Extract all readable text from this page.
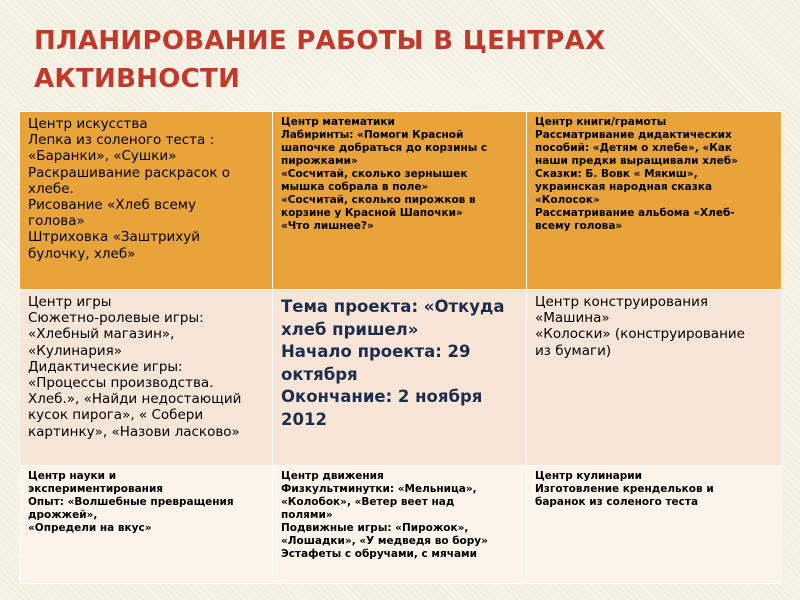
ПЛАНИРОВАНИЕ РАБОТЫ В ЦЕНТРАХ
АКТИВНОСТИ
Центр искусства
Лепка из соленого теста :
«Баранки», «Сушки»
Раскрашивание раскрасок о
хлебе.
Рисование «Хлеб всему
голова»
Штриховка «Заштрихуй
булочку, хлеб»
Центр математики
Лабиринты: «Помоги Красной
шапочке добраться до корзины с
пирожками»
«Сосчитай, сколько зернышек
мышка собрала в поле»
«Сосчитай, сколько пирожков в
корзине у Красной Шапочки»
«Что лишнее?»
Центр книги/грамоты
Рассматривание дидактических
пособий: «Детям о хлебе», «Как
наши предки выращивали хлеб»
Сказки: Б. Вовк « Мякиш»,
украинская народная сказка
«Колосок»
Рассматривание альбома «Хлеб-
всему голова»
Центр игры
Сюжетно-ролевые игры:
«Хлебный магазин»,
«Кулинария»
Дидактические игры:
«Процессы производства.
Хлеб.», «Найди недостающий
кусок пирога», « Собери
картинку», «Назови ласково»
Тема проекта: «Откуда
хлеб пришел»
Начало проекта: 29
октября
Окончание: 2 ноября
2012
Центр конструирования
«Машина»
«Колоски» (конструирование
из бумаги)
Центр науки и
экспериментирования
Опыт: «Волшебные превращения
дрожжей»,
«Определи на вкус»
Центр движения
Физкультминутки: «Мельница»,
«Колобок», «Ветер веет над
полями»
Подвижные игры: «Пирожок»,
«Лошадки», «У медведя во бору»
Эстафеты с обручами, с мячами
Центр кулинарии
Изготовление крендельков и
баранок из соленого теста
